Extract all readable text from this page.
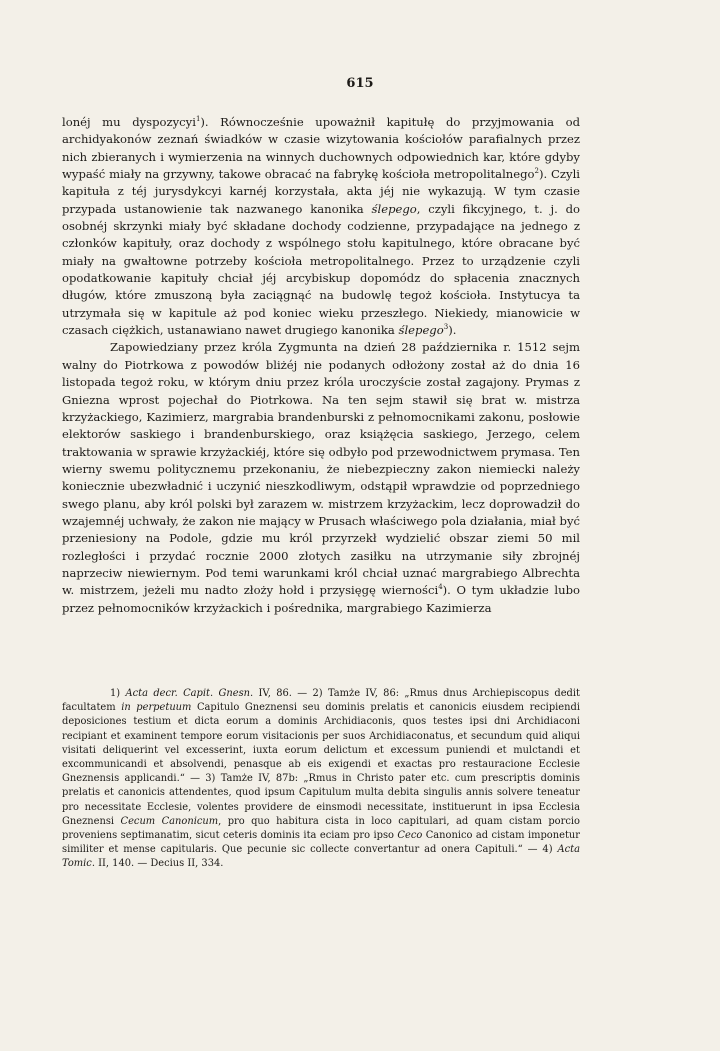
615

lonéj mu dyspozycyi$^1$). Równocześnie upoważnił kapitułę do przyjmowania od archidyakonów zeznań świadków w czasie wizytowania kościołów parafialnych przez nich zbieranych i wymierzenia na winnych duchownych odpowiednich kar, które gdyby wypaść miały na grzywny, takowe obracać na fabrykę kościoła metropolitalnego$^2$). Czyli kapituła z téj jurysdykcyi karnéj korzystała, akta jéj nie wykazują. W tym czasie przypada ustanowienie tak nazwanego kanonika ślepego, czyli fikcyjnego, t. j. do osobnéj skrzynki miały być składane dochody codzienne, przypadające na jednego z członków kapituły, oraz dochody z wspólnego stołu kapitulnego, które obracane być miały na gwałtowne potrzeby kościoła metropolitalnego. Przez to urządzenie czyli opodatkowanie kapituły chciał jéj arcybiskup dopomódz do spłacenia znacznych długów, które zmuszoną była zaciągnąć na budowlę tegoż kościoła. Instytucya ta utrzymała się w kapitule aż pod koniec wieku przeszłego. Niekiedy, mianowicie w czasach ciężkich, ustanawiano nawet drugiego kanonika ślepego$^3$).

Zapowiedziany przez króla Zygmunta na dzień 28 października r. 1512 sejm walny do Piotrkowa z powodów bliżéj nie podanych odłożony został aż do dnia 16 listopada tegoż roku, w którym dniu przez króla uroczyście został zagajony. Prymas z Gniezna wprost pojechał do Piotrkowa. Na ten sejm stawił się brat w. mistrza krzyżackiego, Kazimierz, margrabia brandenburski z pełnomocnikami zakonu, posłowie elektorów saskiego i brandenburskiego, oraz książęcia saskiego, Jerzego, celem traktowania w sprawie krzyżackiéj, które się odbyło pod przewodnictwem prymasa. Ten wierny swemu politycznemu przekonaniu, że niebezpieczny zakon niemiecki należy koniecznie ubezwładnić i uczynić nieszkodliwym, odstąpił wprawdzie od poprzedniego swego planu, aby król polski był zarazem w. mistrzem krzyżackim, lecz doprowadził do wzajemnéj uchwały, że zakon nie mający w Prusach właściwego pola działania, miał być przeniesiony na Podole, gdzie mu król przyrzekł wydzielić obszar ziemi 50 mil rozległości i przydać rocznie 2000 złotych zasiłku na utrzymanie siły zbrojnéj naprzeciw niewiernym. Pod temi warunkami król chciał uznać margrabiego Albrechta w. mistrzem, jeżeli mu nadto złoży hołd i przysięgę wierności$^4$). O tym układzie lubo przez pełnomocników krzyżackich i pośrednika, margrabiego Kazimierza

1) Acta decr. Capit. Gnesn. IV, 86. — 2) Tamże IV, 86: „Rmus dnus Archiepiscopus dedit facultatem in perpetuum Capitulo Gneznensi seu dominis prelatis et canonicis eiusdem recipiendi deposiciones testium et dicta eorum a dominis Archidiaconis, quos testes ipsi dni Archidiaconi recipiant et examinent tempore eorum visitacionis per suos Archidiaconatus, et secundum quid aliqui visitati deliquerint vel excesserint, iuxta eorum delictum et excessum puniendi et mulctandi et excommunicandi et absolvendi, penasque ab eis exigendi et exactas pro restauracione Ecclesie Gneznensis applicandi.“ — 3) Tamże IV, 87b: „Rmus in Christo pater etc. cum prescriptis dominis prelatis et canonicis attendentes, quod ipsum Capitulum multa debita singulis annis solvere teneatur pro necessitate Ecclesie, volentes providere de einsmodi necessitate, instituerunt in ipsa Ecclesia Gneznensi Cecum Canonicum, pro quo habitura cista in loco capitulari, ad quam cistam porcio proveniens septimanatim, sicut ceteris dominis ita eciam pro ipso Ceco Canonico ad cistam imponetur similiter et mense capitularis. Que pecunie sic collecte convertantur ad onera Capituli.“ — 4) Acta Tomic. II, 140. — Decius II, 334.
